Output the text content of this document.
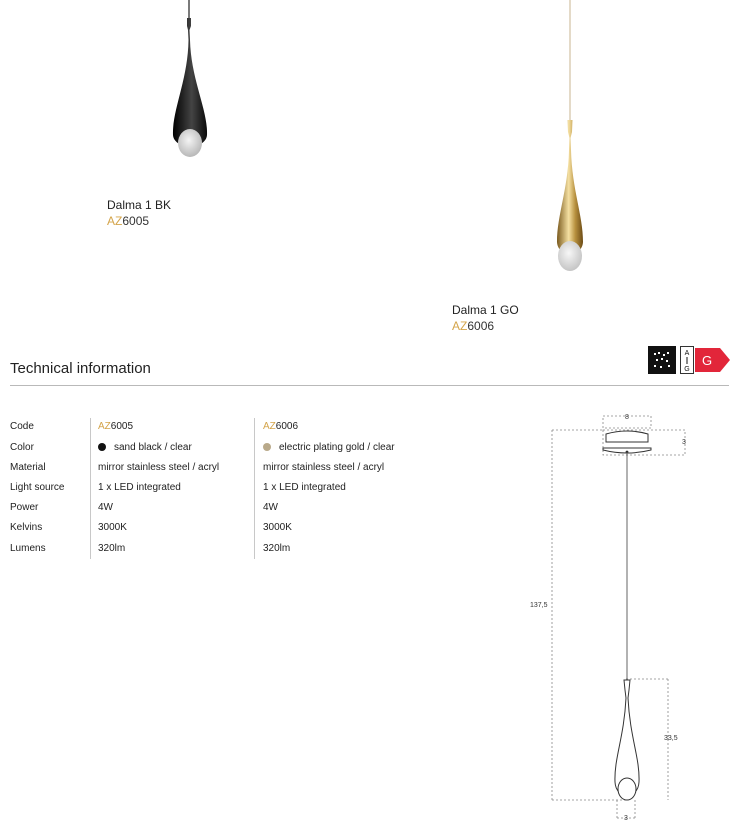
Dalma 1 BK
AZ6005
Dalma 1 GO
AZ6006
Technical information
A
G
G
Code
Color
Material
Light source
Power
Kelvins
Lumens
AZ6005
sand black / clear
mirror stainless steel / acryl
1 x LED integrated
4W
3000K
320lm
AZ6006
electric plating gold / clear
mirror stainless steel / acryl
1 x LED integrated
4W
3000K
320lm
8
3
137,5
33,5
3
